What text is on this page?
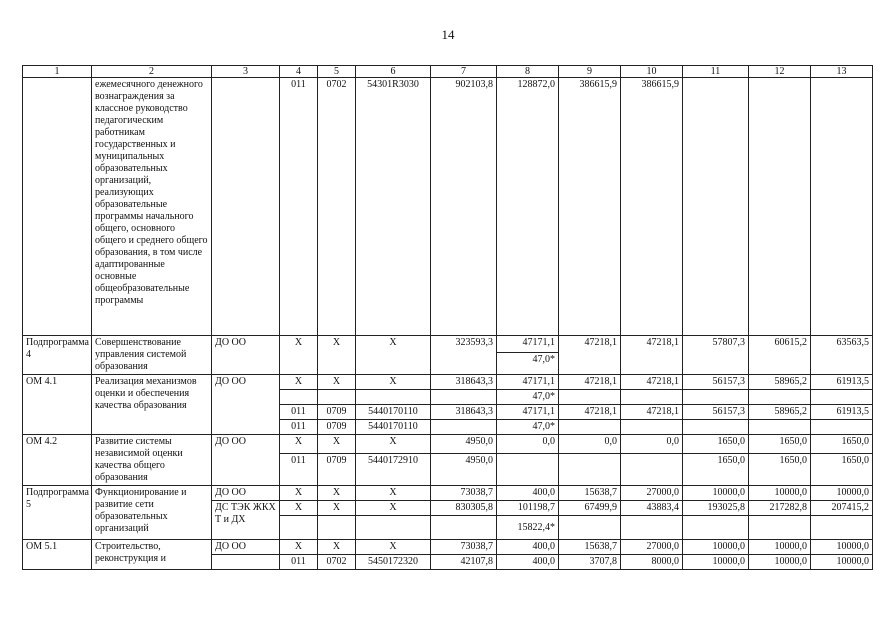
14
1	2	3	4	5	6	7	8	9	10	11	12	13
	ежемесячного денежного вознаграждения за классное руководство педагогическим работникам государственных и муниципальных образовательных организаций, реализующих образовательные программы начального общего, основного общего и среднего общего образования, в том числе адаптированные основные общеобразовательные программы		011	0702	54301R3030	902103,8	128872,0	386615,9	386615,9			
Подпрограмма 4	Совершенствование управления системой образования	ДО ОО	Х	Х	Х	323593,3	47171,1	47218,1	47218,1	57807,3	60615,2	63563,5
							47,0*					
ОМ 4.1	Реализация механизмов оценки и обеспечения качества образования	ДО ОО	Х	Х	Х	318643,3	47171,1	47218,1	47218,1	56157,3	58965,2	61913,5
							47,0*					
			011	0709	5440170110	318643,3	47171,1	47218,1	47218,1	56157,3	58965,2	61913,5
			011	0709	5440170110		47,0*					
ОМ 4.2	Развитие системы независимой оценки качества общего образования	ДО ОО	Х	Х	Х	4950,0	0,0	0,0	0,0	1650,0	1650,0	1650,0
			011	0709	5440172910	4950,0				1650,0	1650,0	1650,0
Подпрограмма 5	Функционирование и развитие сети образовательных организаций	ДО ОО	Х	Х	Х	73038,7	400,0	15638,7	27000,0	10000,0	10000,0	10000,0
		ДС ТЭК ЖКХ Т и ДХ	Х	Х	Х	830305,8	101198,7	67499,9	43883,4	193025,8	217282,8	207415,2
							15822,4*					
ОМ 5.1	Строительство, реконструкция и	ДО ОО	Х	Х	Х	73038,7	400,0	15638,7	27000,0	10000,0	10000,0	10000,0
			011	0702	5450172320	42107,8	400,0	3707,8	8000,0	10000,0	10000,0	10000,0
